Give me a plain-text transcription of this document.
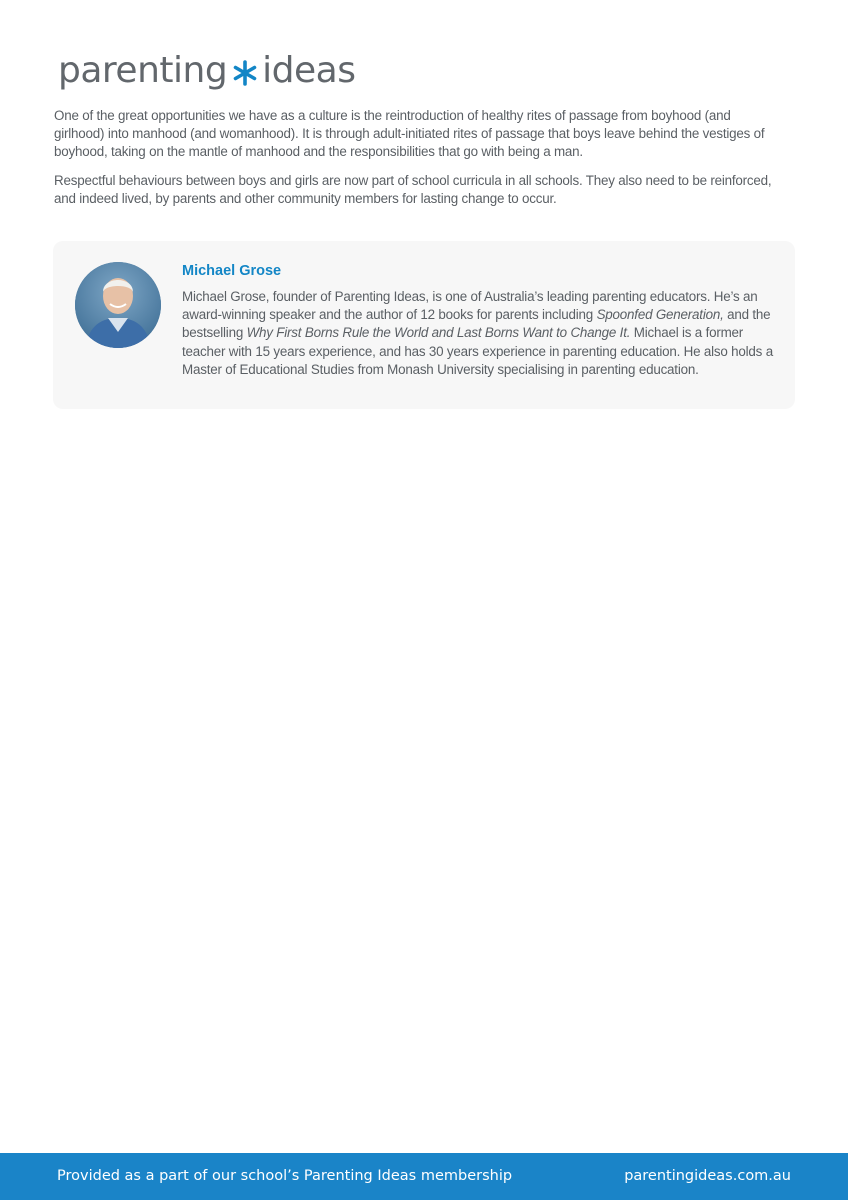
parenting ideas

One of the great opportunities we have as a culture is the reintroduction of healthy rites of passage from boyhood (and girlhood) into manhood (and womanhood). It is through adult-initiated rites of passage that boys leave behind the vestiges of boyhood, taking on the mantle of manhood and the responsibilities that go with being a man.

Respectful behaviours between boys and girls are now part of school curricula in all schools. They also need to be reinforced, and indeed lived, by parents and other community members for lasting change to occur.

Michael Grose

Michael Grose, founder of Parenting Ideas, is one of Australia’s leading parenting educators. He’s an award-winning speaker and the author of 12 books for parents including Spoonfed Generation, and the bestselling Why First Borns Rule the World and Last Borns Want to Change It. Michael is a former teacher with 15 years experience, and has 30 years experience in parenting education. He also holds a Master of Educational Studies from Monash University specialising in parenting education.

Provided as a part of our school’s Parenting Ideas membership	parentingideas.com.au
